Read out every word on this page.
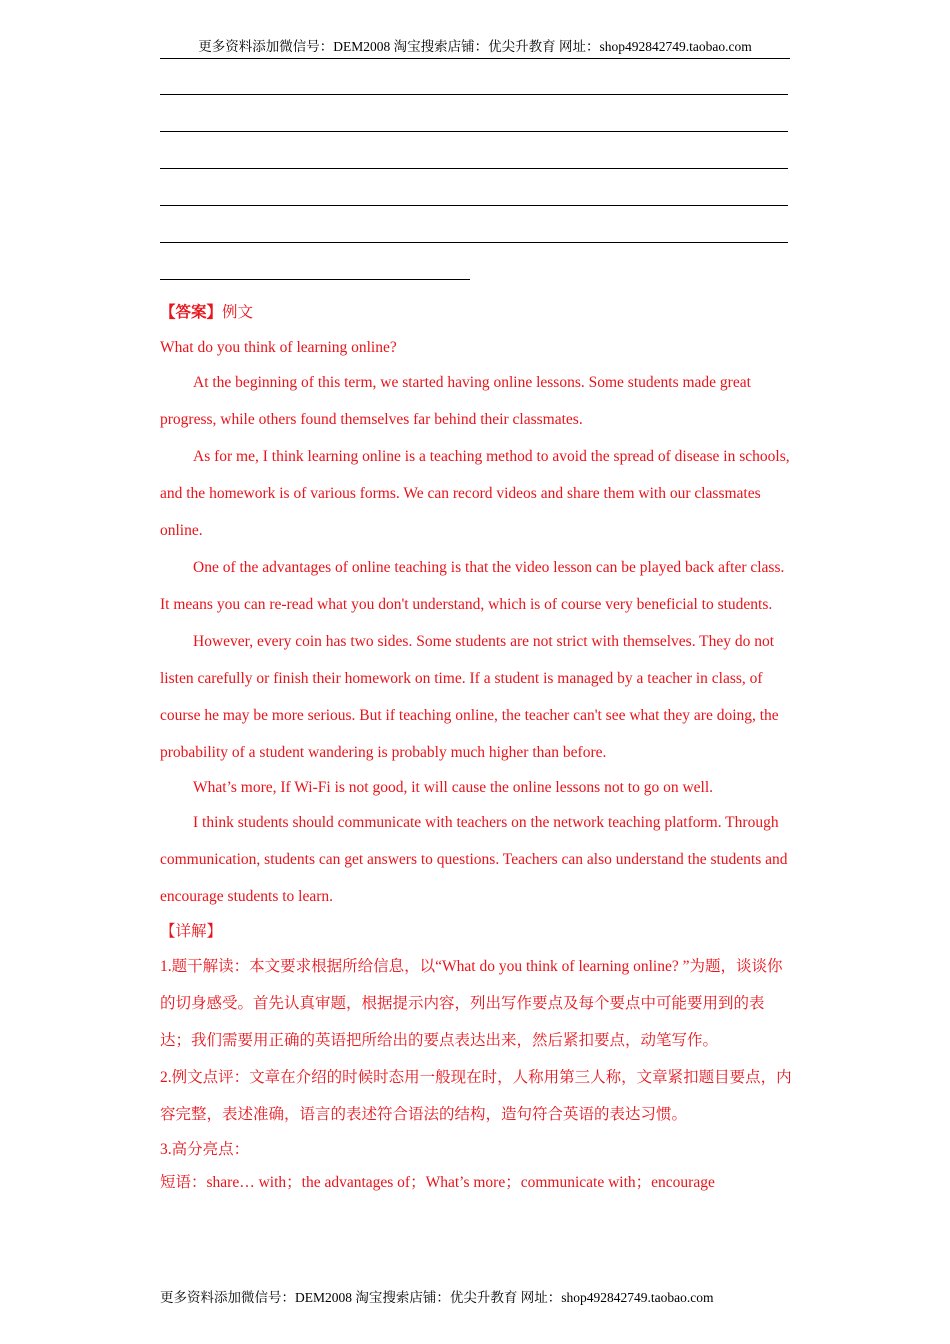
更多资料添加微信号：DEM2008 淘宝搜索店铺：优尖升教育 网址：shop492842749.taobao.com

【答案】例文

What do you think of learning online?

At the beginning of this term, we started having online lessons. Some students made great progress, while others found themselves far behind their classmates.

As for me, I think learning online is a teaching method to avoid the spread of disease in schools, and the homework is of various forms. We can record videos and share them with our classmates online.

One of the advantages of online teaching is that the video lesson can be played back after class. It means you can re-read what you don't understand, which is of course very beneficial to students.

However, every coin has two sides. Some students are not strict with themselves. They do not listen carefully or finish their homework on time. If a student is managed by a teacher in class, of course he may be more serious. But if teaching online, the teacher can't see what they are doing, the probability of a student wandering is probably much higher than before.

What’s more, If Wi-Fi is not good, it will cause the online lessons not to go on well.

I think students should communicate with teachers on the network teaching platform. Through communication, students can get answers to questions. Teachers can also understand the students and encourage students to learn.

【详解】

1.题干解读：本文要求根据所给信息，以“What do you think of learning online? ”为题，谈谈你的切身感受。首先认真审题，根据提示内容，列出写作要点及每个要点中可能要用到的表达；我们需要用正确的英语把所给出的要点表达出来，然后紧扣要点，动笔写作。

2.例文点评：文章在介绍的时候时态用一般现在时，人称用第三人称，文章紧扣题目要点，内容完整，表述准确，语言的表述符合语法的结构，造句符合英语的表达习惯。

3.高分亮点：

短语：share… with；the advantages of；What’s more；communicate with；encourage

更多资料添加微信号：DEM2008 淘宝搜索店铺：优尖升教育 网址：shop492842749.taobao.com
